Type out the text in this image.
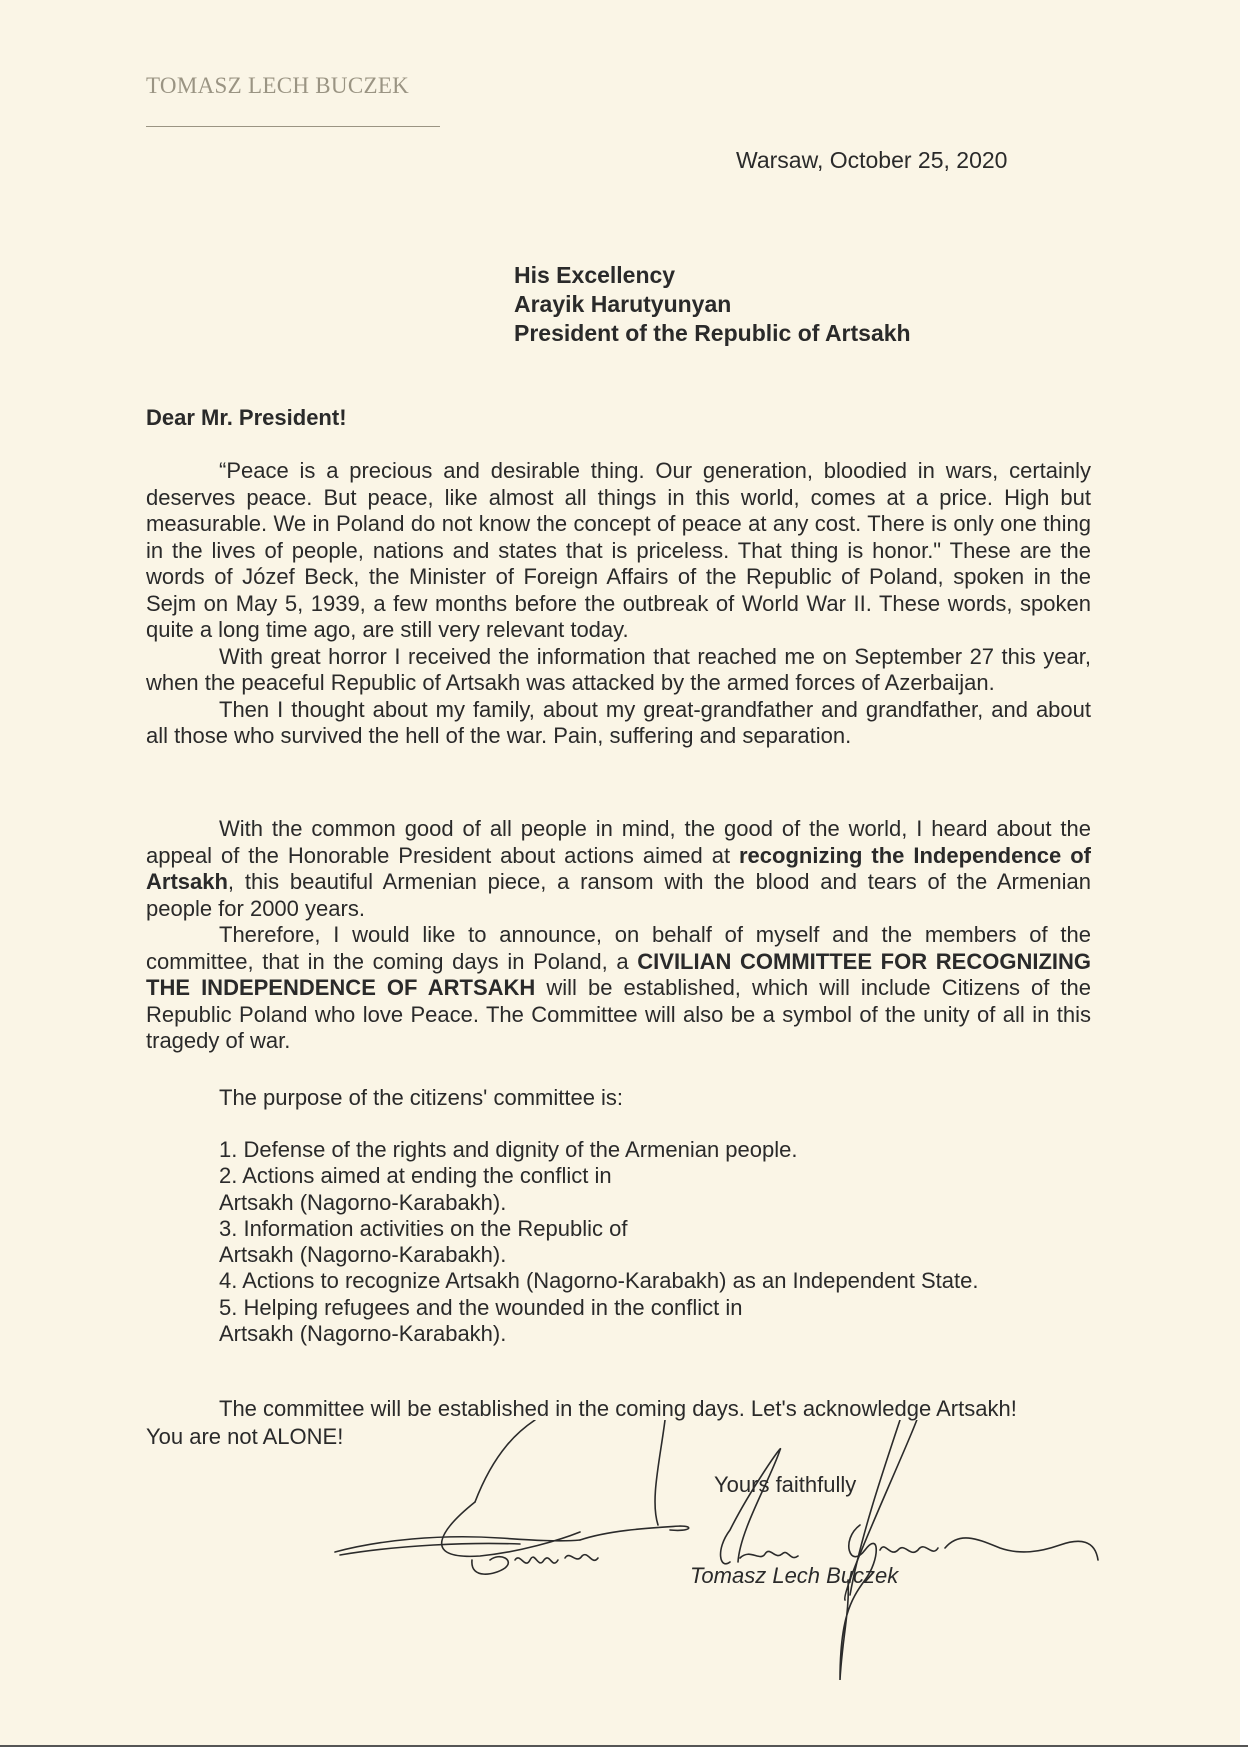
TOMASZ LECH BUCZEK
Warsaw, October 25, 2020
His Excellency
Arayik Harutyunyan
President of the Republic of Artsakh
Dear Mr. President!

“Peace is a precious and desirable thing. Our generation, bloodied in wars, certainly deserves peace. But peace, like almost all things in this world, comes at a price. High but measurable. We in Poland do not know the concept of peace at any cost. There is only one thing in the lives of people, nations and states that is priceless. That thing is honor." These are the words of Józef Beck, the Minister of Foreign Affairs of the Republic of Poland, spoken in the Sejm on May 5, 1939, a few months before the outbreak of World War II. These words, spoken quite a long time ago, are still very relevant today.

With great horror I received the information that reached me on September 27 this year, when the peaceful Republic of Artsakh was attacked by the armed forces of Azerbaijan.

Then I thought about my family, about my great-grandfather and grandfather, and about all those who survived the hell of the war. Pain, suffering and separation.

With the common good of all people in mind, the good of the world, I heard about the appeal of the Honorable President about actions aimed at recognizing the Independence of Artsakh, this beautiful Armenian piece, a ransom with the blood and tears of the Armenian people for 2000 years.

Therefore, I would like to announce, on behalf of myself and the members of the committee, that in the coming days in Poland, a CIVILIAN COMMITTEE FOR RECOGNIZING THE INDEPENDENCE OF ARTSAKH will be established, which will include Citizens of the Republic Poland who love Peace. The Committee will also be a symbol of the unity of all in this tragedy of war.

The purpose of the citizens' committee is:
1. Defense of the rights and dignity of the Armenian people.
2. Actions aimed at ending the conflict in
Artsakh (Nagorno-Karabakh).
3. Information activities on the Republic of
Artsakh (Nagorno-Karabakh).
4. Actions to recognize Artsakh (Nagorno-Karabakh) as an Independent State.
5. Helping refugees and the wounded in the conflict in
Artsakh (Nagorno-Karabakh).
The committee will be established in the coming days. Let's acknowledge Artsakh!
You are not ALONE!
Yours faithfully
Tomasz Lech Buczek
